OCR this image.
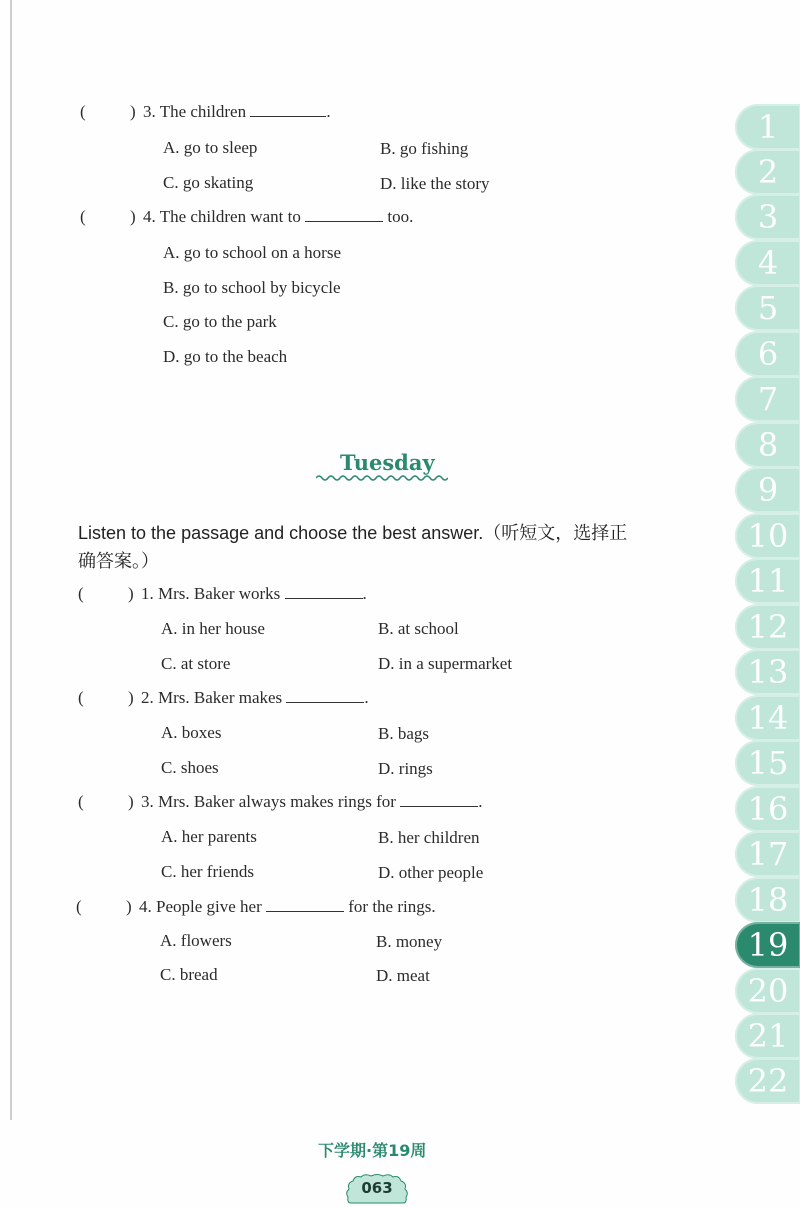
(	) 3. The children	.
A. go to sleep	B. go fishing
C. go skating	D. like the story
(	) 4. The children want to	too.
A. go to school on a horse
B. go to school by bicycle
C. go to the park
D. go to the beach
Tuesday
Listen to the passage and choose the best answer.（听短文，选择正
确答案。）
(	) 1. Mrs. Baker works	.
A. in her house	B. at school
C. at store	D. in a supermarket
(	) 2. Mrs. Baker makes	.
A. boxes	B. bags
C. shoes	D. rings
(	) 3. Mrs. Baker always makes rings for	.
A. her parents	B. her children
C. her friends	D. other people
(	) 4. People give her	for the rings.
A. flowers	B. money
C. bread	D. meat
1
2
3
4
5
6
7
8
9
10
11
12
13
14
15
16
17
18
19
20
21
22
下学期·第19周
063
